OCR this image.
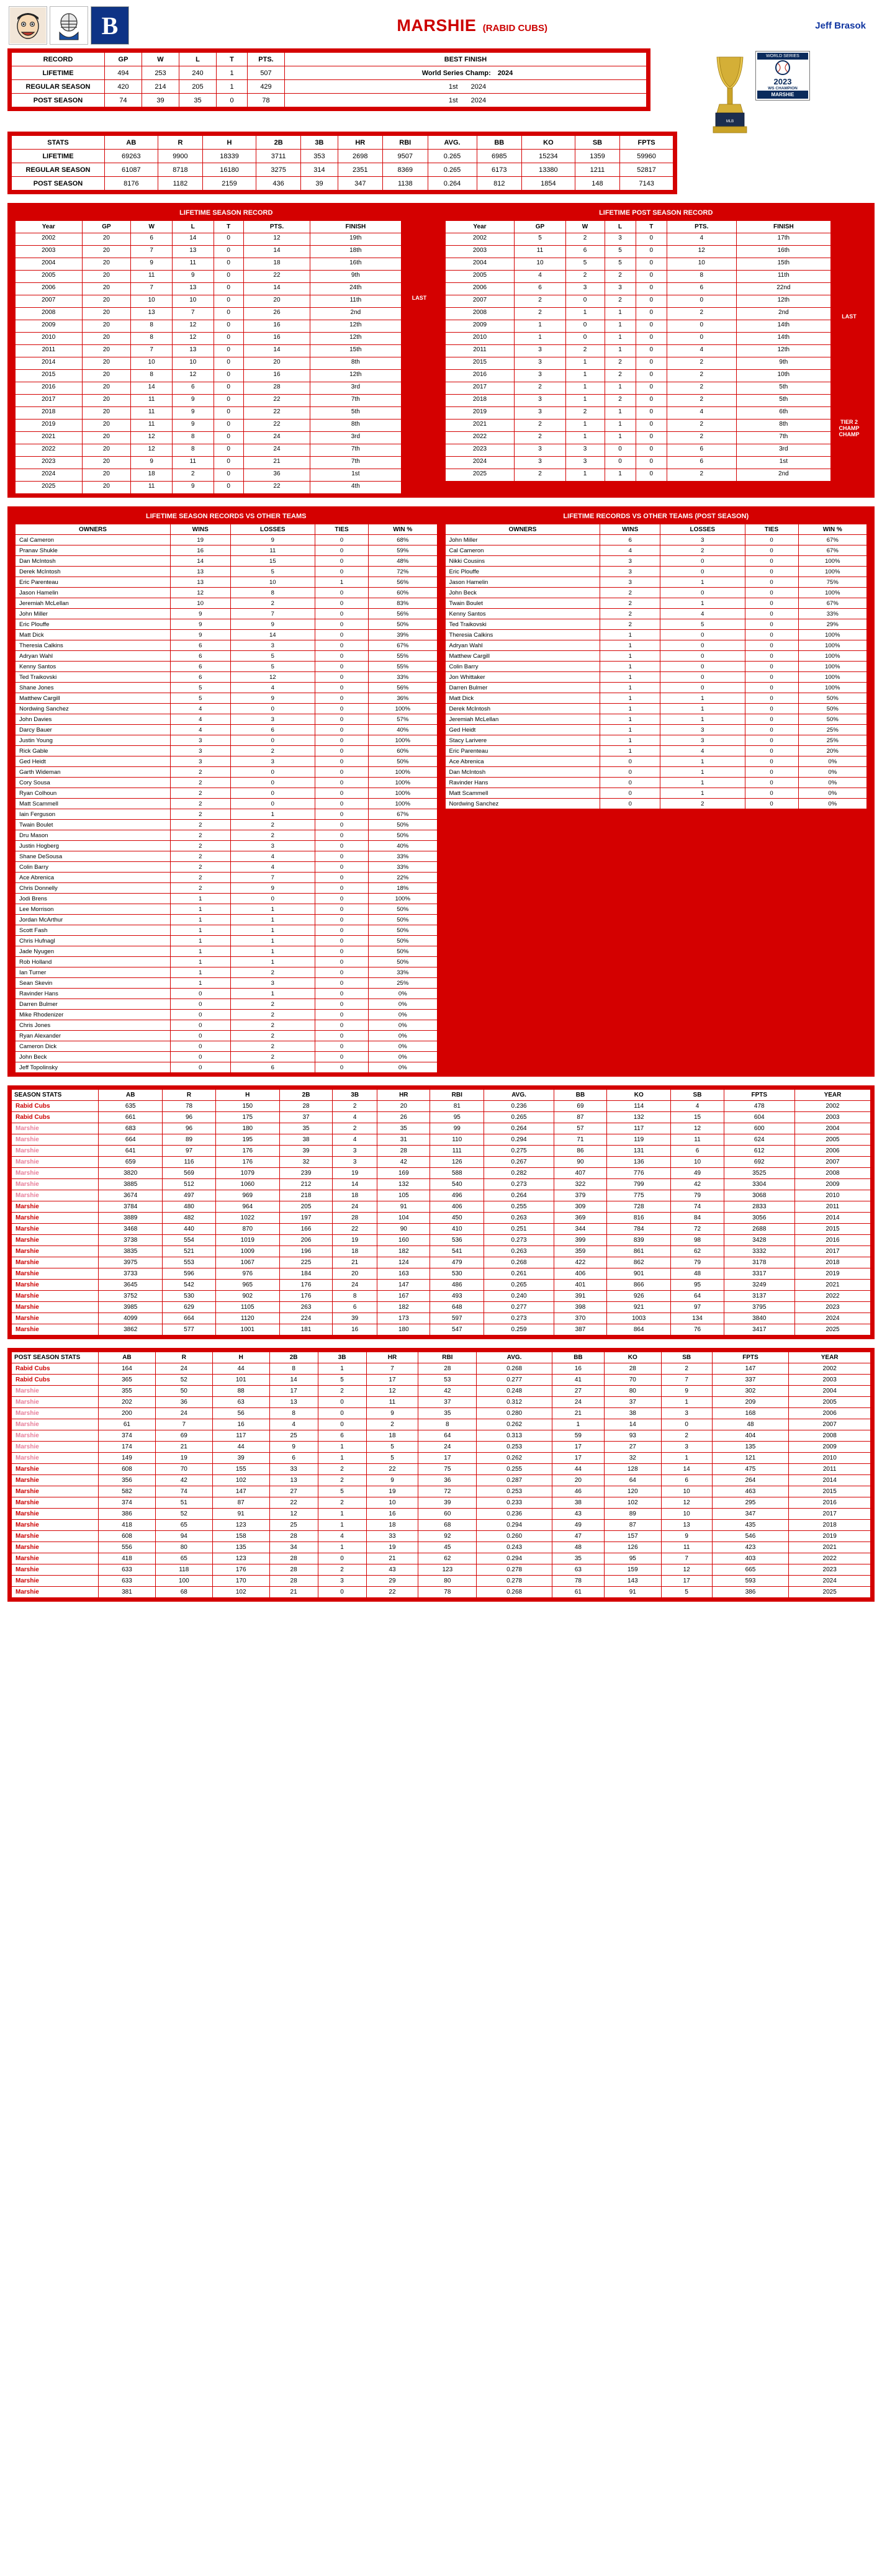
B	MARSHIE (RABID CUBS)	Jeff Brasok
RECORD	GP	W	L	T	PTS.	BEST FINISH
LIFETIME	494	253	240	1	507	World Series Champ: 2024
REGULAR SEASON	420	214	205	1	429	1st 2024
POST SEASON	74	39	35	0	78	1st 2024
MLB
WORLD SERIES
2023
WS CHAMPION
MARSHIE
STATS	AB	R	H	2B	3B	HR	RBI	AVG.	BB	KO	SB	FPTS
LIFETIME	69263	9900	18339	3711	353	2698	9507	0.265	6985	15234	1359	59960
REGULAR SEASON	61087	8718	16180	3275	314	2351	8369	0.265	6173	13380	1211	52817
POST SEASON	8176	1182	2159	436	39	347	1138	0.264	812	1854	148	7143
LIFETIME SEASON RECORD
Year	GP	W	L	T	PTS.	FINISH
2002	20	6	14	0	12	19th
2003	20	7	13	0	14	18th
2004	20	9	11	0	18	16th
2005	20	11	9	0	22	9th
2006	20	7	13	0	14	24th
2007	20	10	10	0	20	11th
2008	20	13	7	0	26	2nd
2009	20	8	12	0	16	12th
2010	20	8	12	0	16	12th
2011	20	7	13	0	14	15th
2014	20	10	10	0	20	8th
2015	20	8	12	0	16	12th
2016	20	14	6	0	28	3rd
2017	20	11	9	0	22	7th
2018	20	11	9	0	22	5th
2019	20	11	9	0	22	8th
2021	20	12	8	0	24	3rd
2022	20	12	8	0	24	7th
2023	20	9	11	0	21	7th
2024	20	18	2	0	36	1st
2025	20	11	9	0	22	4th

LAST
LIFETIME POST SEASON RECORD
Year	GP	W	L	T	PTS.	FINISH
2002	5	2	3	0	4	17th
2003	11	6	5	0	12	16th
2004	10	5	5	0	10	15th
2005	4	2	2	0	8	11th
2006	6	3	3	0	6	22nd
2007	2	0	2	0	0	12th
2008	2	1	1	0	2	2nd
2009	1	0	1	0	0	14th
2010	1	0	1	0	0	14th
2011	3	2	1	0	4	12th
2015	3	1	2	0	2	9th
2016	3	1	2	0	2	10th
2017	2	1	1	0	2	5th
2018	3	1	2	0	2	5th
2019	3	2	1	0	4	6th
2021	2	1	1	0	2	8th
2022	2	1	1	0	2	7th
2023	3	3	0	0	6	3rd
2024	3	3	0	0	6	1st
2025	2	1	1	0	2	2nd

LAST
TIER 2 CHAMP
CHAMP
LIFETIME SEASON RECORDS VS OTHER TEAMS
OWNERS	WINS	LOSSES	TIES	WIN %
Cal Cameron	19	9	0	68%
Pranav Shukle	16	11	0	59%
Dan McIntosh	14	15	0	48%
Derek McIntosh	13	5	0	72%
Eric Parenteau	13	10	1	56%
Jason Hamelin	12	8	0	60%
Jeremiah McLellan	10	2	0	83%
John Miller	9	7	0	56%
Eric Plouffe	9	9	0	50%
Matt Dick	9	14	0	39%
Theresia Calkins	6	3	0	67%
Adryan Wahl	6	5	0	55%
Kenny Santos	6	5	0	55%
Ted Traikovski	6	12	0	33%
Shane Jones	5	4	0	56%
Matthew Cargill	5	9	0	36%
Nordwing Sanchez	4	0	0	100%
John Davies	4	3	0	57%
Darcy Bauer	4	6	0	40%
Justin Young	3	0	0	100%
Rick Gable	3	2	0	60%
Ged Heidt	3	3	0	50%
Garth Wideman	2	0	0	100%
Cory Sousa	2	0	0	100%
Ryan Colhoun	2	0	0	100%
Matt Scammell	2	0	0	100%
Iain Ferguson	2	1	0	67%
Twain Boulet	2	2	0	50%
Dru Mason	2	2	0	50%
Justin Hogberg	2	3	0	40%
Shane DeSousa	2	4	0	33%
Colin Barry	2	4	0	33%
Ace Abrenica	2	7	0	22%
Chris Donnelly	2	9	0	18%
Jodi Brens	1	0	0	100%
Lee Morrison	1	1	0	50%
Jordan McArthur	1	1	0	50%
Scott Fash	1	1	0	50%
Chris Hufnagl	1	1	0	50%
Jade Nyugen	1	1	0	50%
Rob Holland	1	1	0	50%
Ian Turner	1	2	0	33%
Sean Skevin	1	3	0	25%
Ravinder Hans	0	1	0	0%
Darren Bulmer	0	2	0	0%
Mike Rhodenizer	0	2	0	0%
Chris Jones	0	2	0	0%
Ryan Alexander	0	2	0	0%
Cameron Dick	0	2	0	0%
John Beck	0	2	0	0%
Jeff Topolinsky	0	6	0	0%
LIFETIME RECORDS VS OTHER TEAMS (POST SEASON)
OWNERS	WINS	LOSSES	TIES	WIN %
John Miller	6	3	0	67%
Cal Cameron	4	2	0	67%
Nikki Cousins	3	0	0	100%
Eric Plouffe	3	0	0	100%
Jason Hamelin	3	1	0	75%
John Beck	2	0	0	100%
Twain Boulet	2	1	0	67%
Kenny Santos	2	4	0	33%
Ted Traikovski	2	5	0	29%
Theresia Calkins	1	0	0	100%
Adryan Wahl	1	0	0	100%
Matthew Cargill	1	0	0	100%
Colin Barry	1	0	0	100%
Jon Whittaker	1	0	0	100%
Darren Bulmer	1	0	0	100%
Matt Dick	1	1	0	50%
Derek McIntosh	1	1	0	50%
Jeremiah McLellan	1	1	0	50%
Ged Heidt	1	3	0	25%
Stacy Larivere	1	3	0	25%
Eric Parenteau	1	4	0	20%
Ace Abrenica	0	1	0	0%
Dan McIntosh	0	1	0	0%
Ravinder Hans	0	1	0	0%
Matt Scammell	0	1	0	0%
Nordwing Sanchez	0	2	0	0%
SEASON STATS	AB	R	H	2B	3B	HR	RBI	AVG.	BB	KO	SB	FPTS	YEAR
Rabid Cubs	635	78	150	28	2	20	81	0.236	69	114	4	478	2002
Rabid Cubs	661	96	175	37	4	26	95	0.265	87	132	15	604	2003
Marshie	683	96	180	35	2	35	99	0.264	57	117	12	600	2004
Marshie	664	89	195	38	4	31	110	0.294	71	119	11	624	2005
Marshie	641	97	176	39	3	28	111	0.275	86	131	6	612	2006
Marshie	659	116	176	32	3	42	126	0.267	90	136	10	692	2007
Marshie	3820	569	1079	239	19	169	588	0.282	407	776	49	3525	2008
Marshie	3885	512	1060	212	14	132	540	0.273	322	799	42	3304	2009
Marshie	3674	497	969	218	18	105	496	0.264	379	775	79	3068	2010
Marshie	3784	480	964	205	24	91	406	0.255	309	728	74	2833	2011
Marshie	3889	482	1022	197	28	104	450	0.263	369	816	84	3056	2014
Marshie	3468	440	870	166	22	90	410	0.251	344	784	72	2688	2015
Marshie	3738	554	1019	206	19	160	536	0.273	399	839	98	3428	2016
Marshie	3835	521	1009	196	18	182	541	0.263	359	861	62	3332	2017
Marshie	3975	553	1067	225	21	124	479	0.268	422	862	79	3178	2018
Marshie	3733	596	976	184	20	163	530	0.261	406	901	48	3317	2019
Marshie	3645	542	965	176	24	147	486	0.265	401	866	95	3249	2021
Marshie	3752	530	902	176	8	167	493	0.240	391	926	64	3137	2022
Marshie	3985	629	1105	263	6	182	648	0.277	398	921	97	3795	2023
Marshie	4099	664	1120	224	39	173	597	0.273	370	1003	134	3840	2024
Marshie	3862	577	1001	181	16	180	547	0.259	387	864	76	3417	2025
POST SEASON STATS	AB	R	H	2B	3B	HR	RBI	AVG.	BB	KO	SB	FPTS	YEAR
Rabid Cubs	164	24	44	8	1	7	28	0.268	16	28	2	147	2002
Rabid Cubs	365	52	101	14	5	17	53	0.277	41	70	7	337	2003
Marshie	355	50	88	17	2	12	42	0.248	27	80	9	302	2004
Marshie	202	36	63	13	0	11	37	0.312	24	37	1	209	2005
Marshie	200	24	56	8	0	9	35	0.280	21	38	3	168	2006
Marshie	61	7	16	4	0	2	8	0.262	1	14	0	48	2007
Marshie	374	69	117	25	6	18	64	0.313	59	93	2	404	2008
Marshie	174	21	44	9	1	5	24	0.253	17	27	3	135	2009
Marshie	149	19	39	6	1	5	17	0.262	17	32	1	121	2010
Marshie	608	70	155	33	2	22	75	0.255	44	128	14	475	2011
Marshie	356	42	102	13	2	9	36	0.287	20	64	6	264	2014
Marshie	582	74	147	27	5	19	72	0.253	46	120	10	463	2015
Marshie	374	51	87	22	2	10	39	0.233	38	102	12	295	2016
Marshie	386	52	91	12	1	16	60	0.236	43	89	10	347	2017
Marshie	418	65	123	25	1	18	68	0.294	49	87	13	435	2018
Marshie	608	94	158	28	4	33	92	0.260	47	157	9	546	2019
Marshie	556	80	135	34	1	19	45	0.243	48	126	11	423	2021
Marshie	418	65	123	28	0	21	62	0.294	35	95	7	403	2022
Marshie	633	118	176	28	2	43	123	0.278	63	159	12	665	2023
Marshie	633	100	170	28	3	29	80	0.278	78	143	17	593	2024
Marshie	381	68	102	21	0	22	78	0.268	61	91	5	386	2025
